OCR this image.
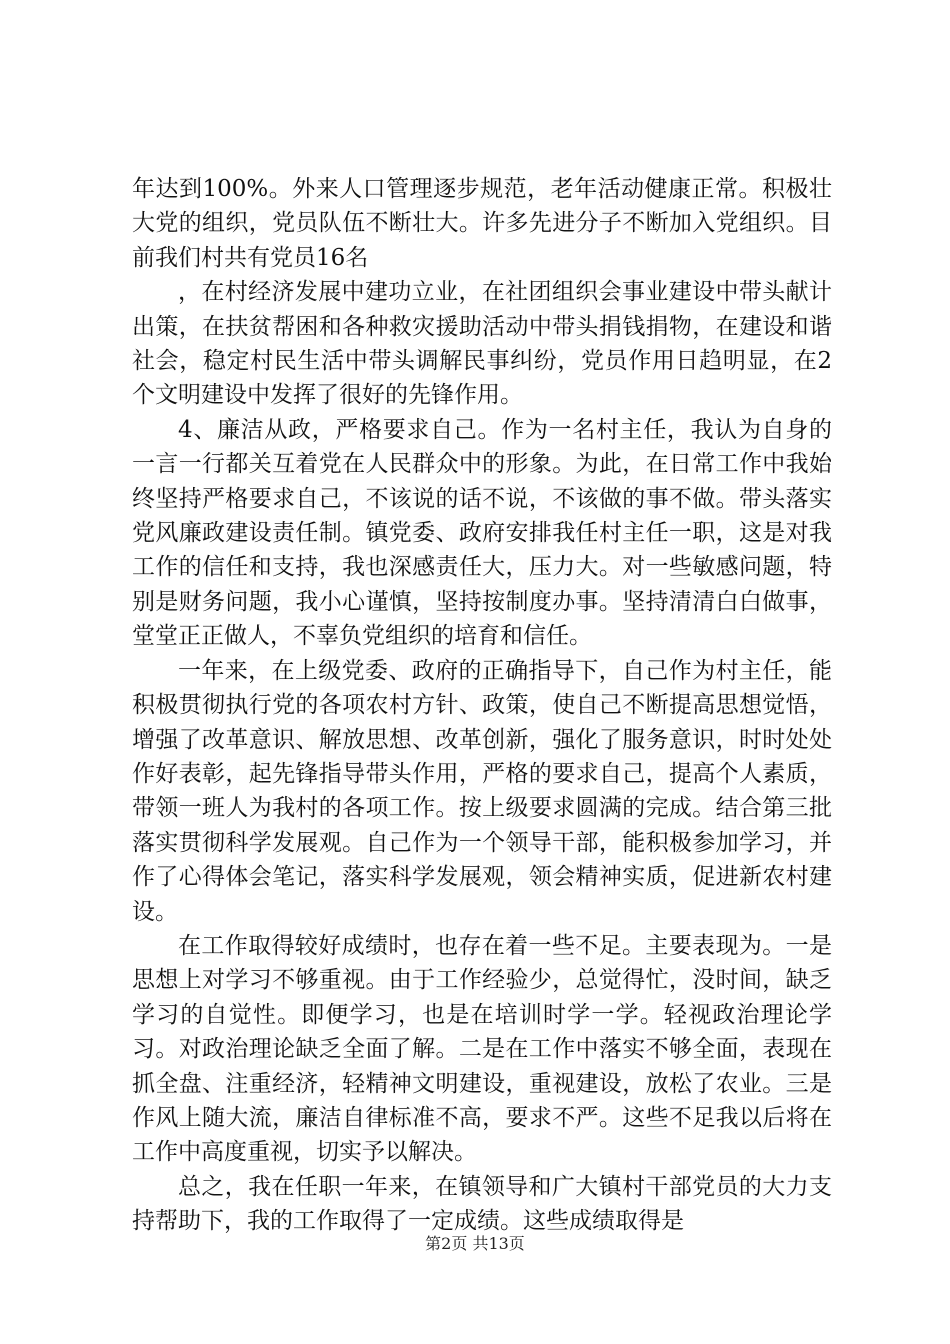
年达到100%。外来人口管理逐步规范，老年活动健康正常。积极壮大党的组织，党员队伍不断壮大。许多先进分子不断加入党组织。目前我们村共有党员16名

，在村经济发展中建功立业，在社团组织会事业建设中带头献计出策，在扶贫帮困和各种救灾援助活动中带头捐钱捐物，在建设和谐社会，稳定村民生活中带头调解民事纠纷，党员作用日趋明显，在2个文明建设中发挥了很好的先锋作用。

4、廉洁从政，严格要求自己。作为一名村主任，我认为自身的一言一行都关互着党在人民群众中的形象。为此，在日常工作中我始终坚持严格要求自己，不该说的话不说，不该做的事不做。带头落实党风廉政建设责任制。镇党委、政府安排我任村主任一职，这是对我工作的信任和支持，我也深感责任大，压力大。对一些敏感问题，特别是财务问题，我小心谨慎，坚持按制度办事。坚持清清白白做事，堂堂正正做人，不辜负党组织的培育和信任。

一年来，在上级党委、政府的正确指导下，自己作为村主任，能积极贯彻执行党的各项农村方针、政策，使自己不断提高思想觉悟，增强了改革意识、解放思想、改革创新，强化了服务意识，时时处处作好表彰，起先锋指导带头作用，严格的要求自己，提高个人素质，带领一班人为我村的各项工作。按上级要求圆满的完成。结合第三批落实贯彻科学发展观。自己作为一个领导干部，能积极参加学习，并作了心得体会笔记，落实科学发展观，领会精神实质，促进新农村建设。

在工作取得较好成绩时，也存在着一些不足。主要表现为。一是思想上对学习不够重视。由于工作经验少，总觉得忙，没时间，缺乏学习的自觉性。即便学习，也是在培训时学一学。轻视政治理论学习。对政治理论缺乏全面了解。二是在工作中落实不够全面，表现在抓全盘、注重经济，轻精神文明建设，重视建设，放松了农业。三是作风上随大流，廉洁自律标准不高，要求不严。这些不足我以后将在工作中高度重视，切实予以解决。

总之，我在任职一年来，在镇领导和广大镇村干部党员的大力支持帮助下，我的工作取得了一定成绩。这些成绩取得是

第2页 共13页
